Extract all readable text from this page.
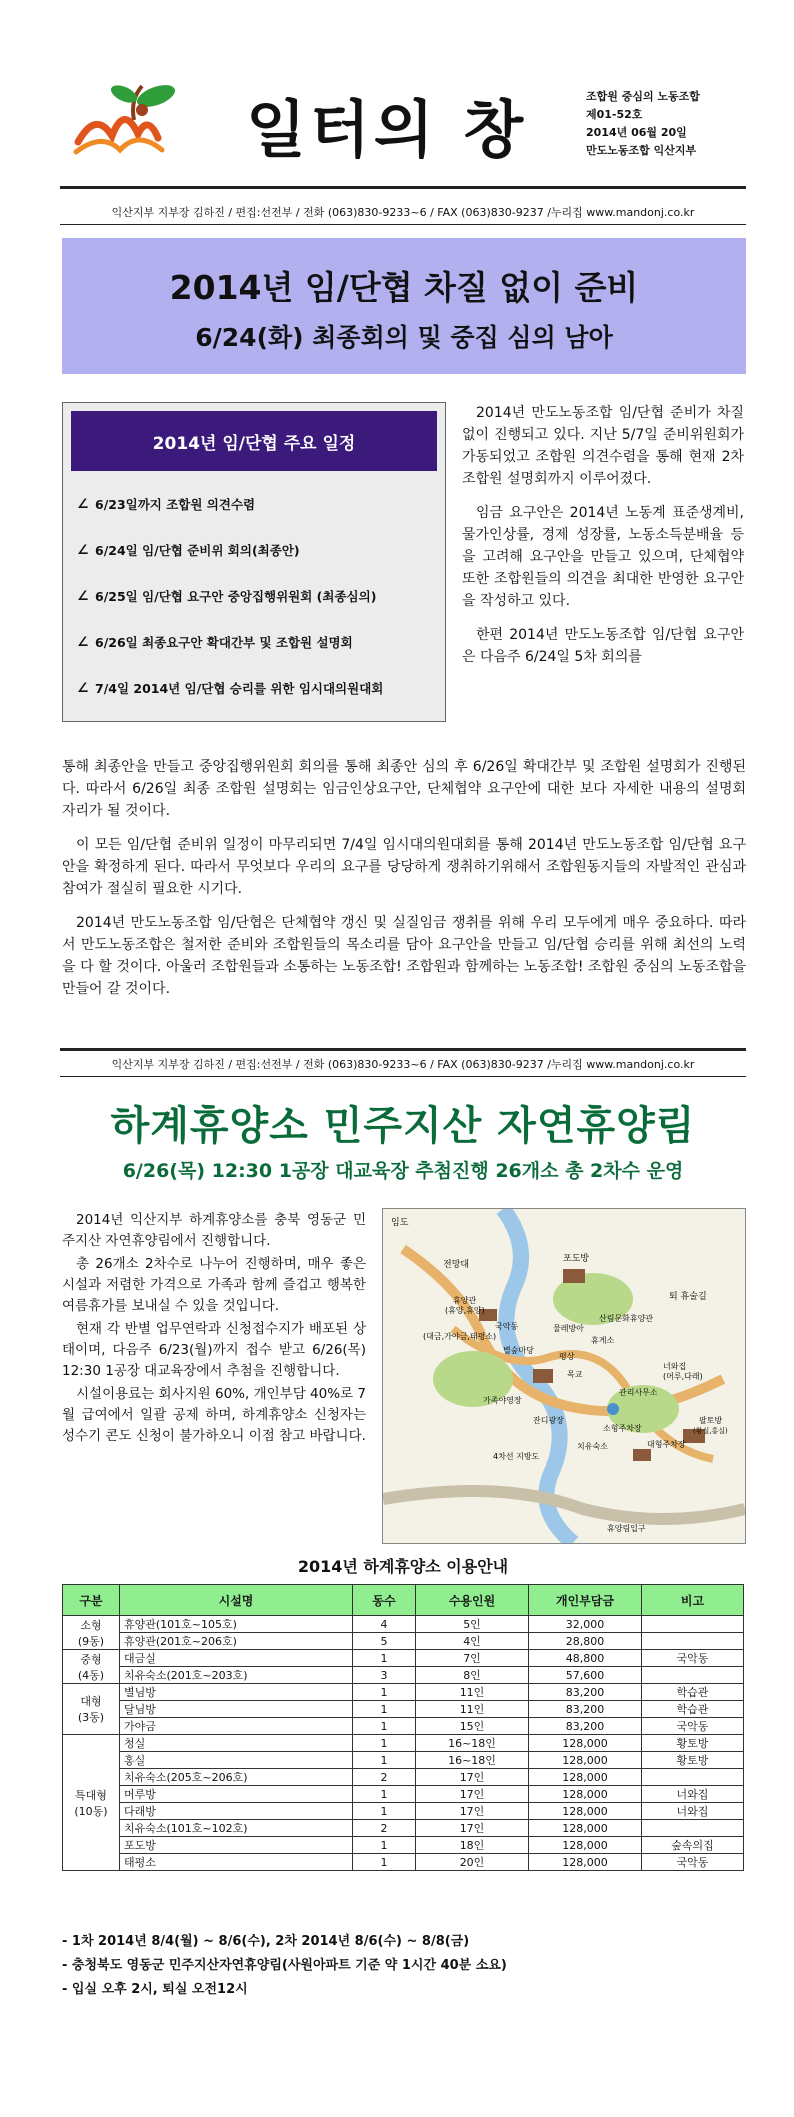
일터의 창	조합원 중심의 노동조합
제01-52호
2014년 06월 20일
만도노동조합 익산지부
익산지부 지부장 김하진 / 편집:선전부 / 전화 (063)830-9233~6 / FAX (063)830-9237 /누리집 www.mandonj.co.kr
2014년 임/단협 차질 없이 준비
6/24(화) 최종회의 및 중집 심의 남아
2014년 임/단협 주요 일정
∠ 6/23일까지 조합원 의견수렴
∠ 6/24일 임/단협 준비위 회의(최종안)
∠ 6/25일 임/단협 요구안 중앙집행위원회 (최종심의)
∠ 6/26일 최종요구안 확대간부 및 조합원 설명회
∠ 7/4일 2014년 임/단협 승리를 위한 임시대의원대회

2014년 만도노동조합 임/단협 준비가 차질 없이 진행되고 있다. 지난 5/7일 준비위원회가 가동되었고 조합원 의견수렴을 통해 현재 2차 조합원 설명회까지 이루어졌다.

임금 요구안은 2014년 노동계 표준생계비, 물가인상률, 경제 성장률, 노동소득분배율 등을 고려해 요구안을 만들고 있으며, 단체협약 또한 조합원들의 의견을 최대한 반영한 요구안을 작성하고 있다.

한편 2014년 만도노동조합 임/단협 요구안은 다음주 6/24일 5차 회의를

통해 최종안을 만들고 중앙집행위원회 회의를 통해 최종안 심의 후 6/26일 확대간부 및 조합원 설명회가 진행된다. 따라서 6/26일 최종 조합원 설명회는 임금인상요구안, 단체협약 요구안에 대한 보다 자세한 내용의 설명회 자리가 될 것이다.

이 모든 임/단협 준비위 일정이 마무리되면 7/4일 임시대의원대회를 통해 2014년 만도노동조합 임/단협 요구안을 확정하게 된다. 따라서 무엇보다 우리의 요구를 당당하게 쟁취하기위해서 조합원동지들의 자발적인 관심과 참여가 절실히 필요한 시기다.

2014년 만도노동조합 임/단협은 단체협약 갱신 및 실질임금 쟁취를 위해 우리 모두에게 매우 중요하다. 따라서 만도노동조합은 철저한 준비와 조합원들의 목소리를 담아 요구안을 만들고 임/단협 승리를 위해 최선의 노력을 다 할 것이다. 아울러 조합원들과 소통하는 노동조합! 조합원과 함께하는 노동조합! 조합원 중심의 노동조합을 만들어 갈 것이다.

익산지부 지부장 김하진 / 편집:선전부 / 전화 (063)830-9233~6 / FAX (063)830-9237 /누리집 www.mandonj.co.kr
하계휴양소 민주지산 자연휴양림
6/26(목) 12:30 1공장 대교육장 추첨진행 26개소 총 2차수 운영

2014년 익산지부 하계휴양소를 충북 영동군 민주지산 자연휴양림에서 진행합니다.

총 26개소 2차수로 나누어 진행하며, 매우 좋은 시설과 저렴한 가격으로 가족과 함께 즐겁고 행복한 여름휴가를 보내실 수 있을 것입니다.

현재 각 반별 업무연락과 신청접수지가 배포된 상태이며, 다음주 6/23(월)까지 접수 받고 6/26(목) 12:30 1공장 대교육장에서 추첨을 진행합니다.

시설이용료는 회사지원 60%, 개인부담 40%로 7월 급여에서 일괄 공제 하며, 하계휴양소 신청자는 성수기 콘도 신청이 불가하오니 이점 참고 바랍니다.

임도
전망대
포도방
퇴 휴술길
휴양관
(휴양,휴양)
국악동
(대금,가야금,태평소)
물레방아
산림문화휴양관
별숲마당
휴게소
평상
목교
너와집
(머루,다래)
관리사무소
가족야영장
잔디광장
소형주차장
치유숙소
팔토방
(황실,홍실)
대형주차장
4차선 지방도
휴양림입구
2014년 하계휴양소 이용안내
구분	시설명	동수	수용인원	개인부담금	비고

소형
(9동)	휴양관(101호~105호)	4	5인	32,000	
	휴양관(201호~206호)	5	4인	28,800	

중형
(4동)	대금실	1	7인	48,800	국악동
	치유숙소(201호~203호)	3	8인	57,600	

대형
(3동)	별님방	1	11인	83,200	학습관
	달님방	1	11인	83,200	학습관
	가야금	1	15인	83,200	국악동

특대형
(10동)	청실	1	16~18인	128,000	황토방
	홍실	1	16~18인	128,000	황토방
	치유숙소(205호~206호)	2	17인	128,000	
	머루방	1	17인	128,000	너와집
	다래방	1	17인	128,000	너와집
	치유숙소(101호~102호)	2	17인	128,000	
	포도방	1	18인	128,000	숲속의집
	태평소	1	20인	128,000	국악동
- 1차 2014년 8/4(월) ~ 8/6(수), 2차 2014년 8/6(수) ~ 8/8(금)
- 충청북도 영동군 민주지산자연휴양림(사원아파트 기준 약 1시간 40분 소요)
- 입실 오후 2시, 퇴실 오전12시
